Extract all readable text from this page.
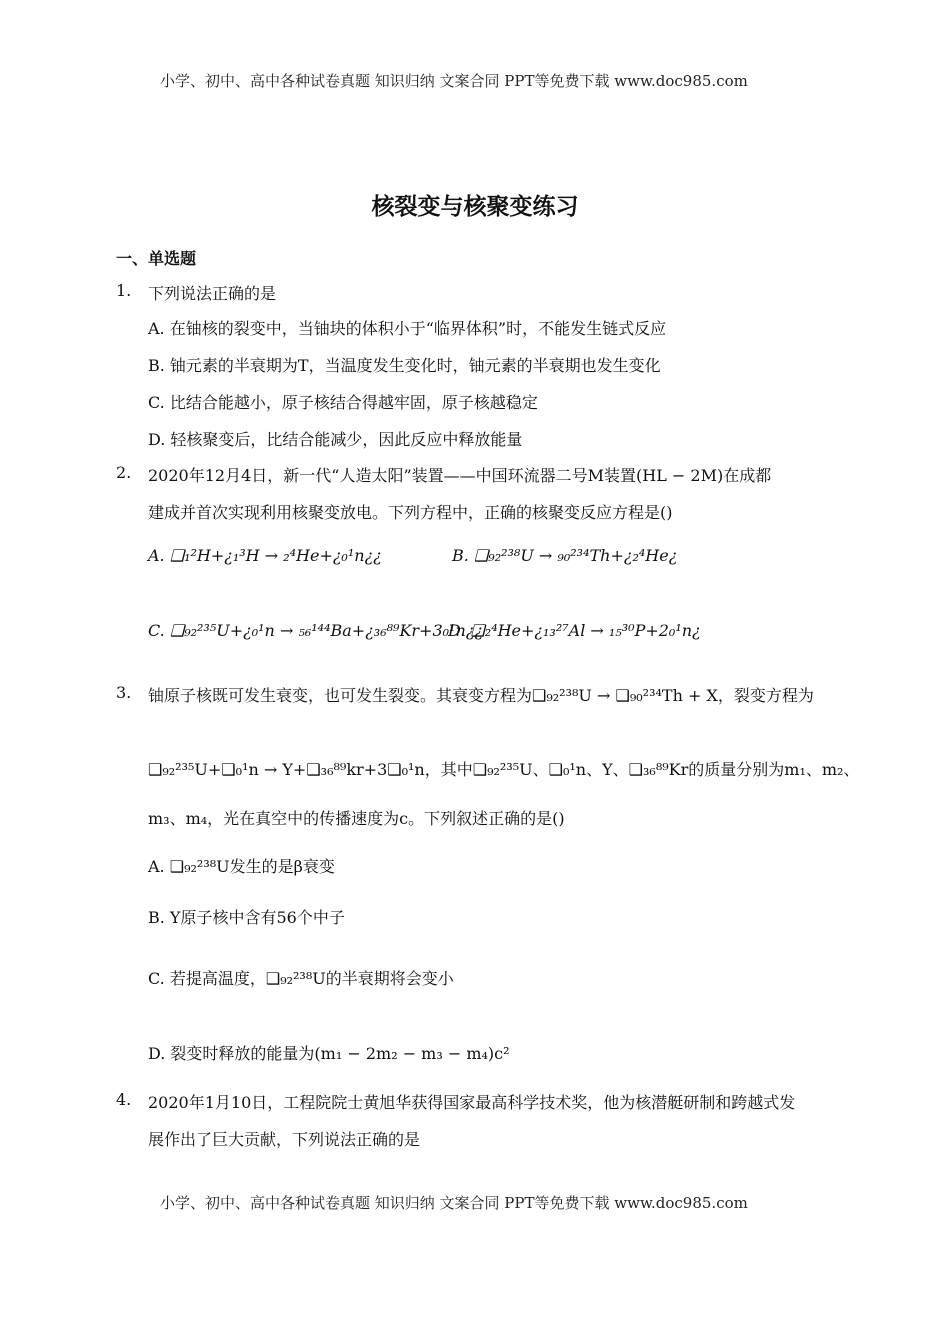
小学、初中、高中各种试卷真题 知识归纳 文案合同 PPT等免费下载 www.doc985.com
核裂变与核聚变练习
一、单选题
1. 下列说法正确的是
A. 在铀核的裂变中，当铀块的体积小于“临界体积”时，不能发生链式反应
B. 铀元素的半衰期为T，当温度发生变化时，铀元素的半衰期也发生变化
C. 比结合能越小，原子核结合得越牢固，原子核越稳定
D. 轻核聚变后，比结合能减少，因此反应中释放能量
2. 2020年12月4日，新一代“人造太阳”装置——中国环流器二号M装置(HL − 2M)在成都
建成并首次实现利用核聚变放电。下列方程中，正确的核聚变反应方程是()
A. ❑₁²H+¿₁³H → ₂⁴He+¿₀¹n¿¿	B. ❑₉₂²³⁸U → ₉₀²³⁴Th+¿₂⁴He¿
C. ❑₉₂²³⁵U+¿₀¹n → ₅₆¹⁴⁴Ba+¿₃₆⁸⁹Kr+3₀¹n¿¿
D. ❑₂⁴He+¿₁₃²⁷Al → ₁₅³⁰P+2₀¹n¿
3. 铀原子核既可发生衰变，也可发生裂变。其衰变方程为❑₉₂²³⁸U → ❑₉₀²³⁴Th + X，裂变方程为
❑₉₂²³⁵U+❑₀¹n → Y+❑₃₆⁸⁹kr+3❑₀¹n，其中❑₉₂²³⁵U、❑₀¹n、Y、❑₃₆⁸⁹Kr的质量分别为m₁、m₂、
m₃、m₄，光在真空中的传播速度为c。下列叙述正确的是()
A. ❑₉₂²³⁸U发生的是β衰变
B. Y原子核中含有56个中子
C. 若提高温度，❑₉₂²³⁸U的半衰期将会变小
D. 裂变时释放的能量为(m₁ − 2m₂ − m₃ − m₄)c²
4. 2020年1月10日，工程院院士黄旭华获得国家最高科学技术奖，他为核潜艇研制和跨越式发
展作出了巨大贡献，下列说法正确的是
小学、初中、高中各种试卷真题 知识归纳 文案合同 PPT等免费下载 www.doc985.com
